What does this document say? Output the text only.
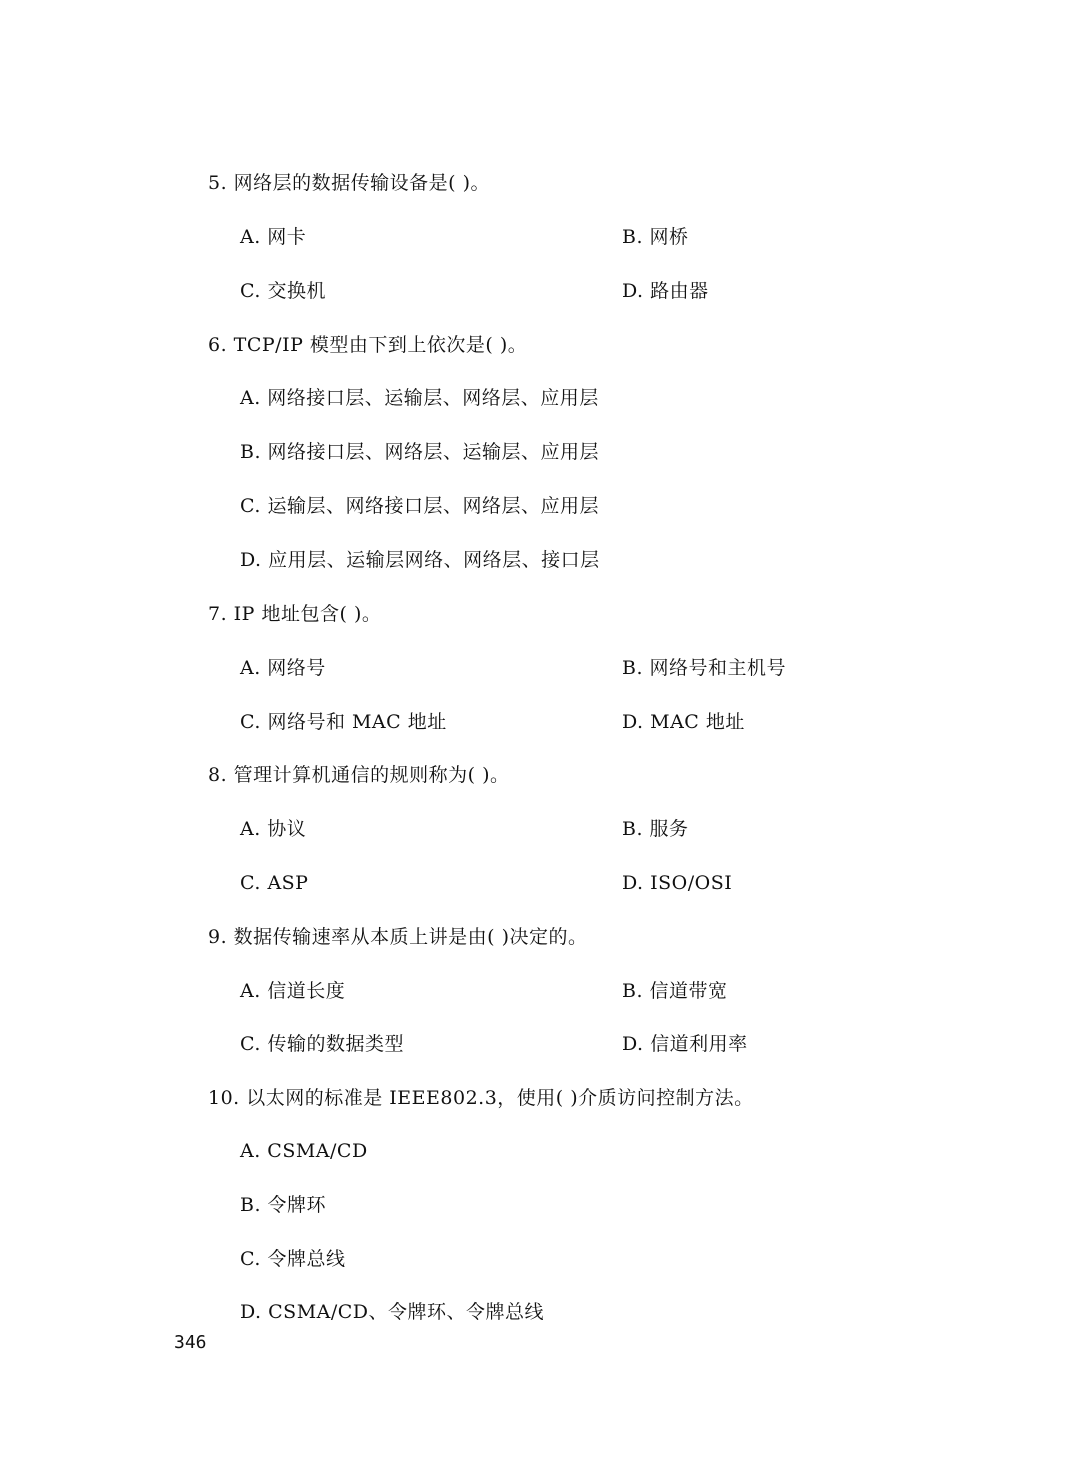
5. 网络层的数据传输设备是( )。
A. 网卡	B. 网桥
C. 交换机	D. 路由器
6. TCP/IP 模型由下到上依次是( )。
A. 网络接口层、运输层、网络层、应用层
B. 网络接口层、网络层、运输层、应用层
C. 运输层、网络接口层、网络层、应用层
D. 应用层、运输层网络、网络层、接口层
7. IP 地址包含( )。
A. 网络号	B. 网络号和主机号
C. 网络号和 MAC 地址	D. MAC 地址
8. 管理计算机通信的规则称为( )。
A. 协议	B. 服务
C. ASP	D. ISO/OSI
9. 数据传输速率从本质上讲是由( )决定的。
A. 信道长度	B. 信道带宽
C. 传输的数据类型	D. 信道利用率
10. 以太网的标准是 IEEE802.3，使用( )介质访问控制方法。
A. CSMA/CD
B. 令牌环
C. 令牌总线
D. CSMA/CD、令牌环、令牌总线
346
